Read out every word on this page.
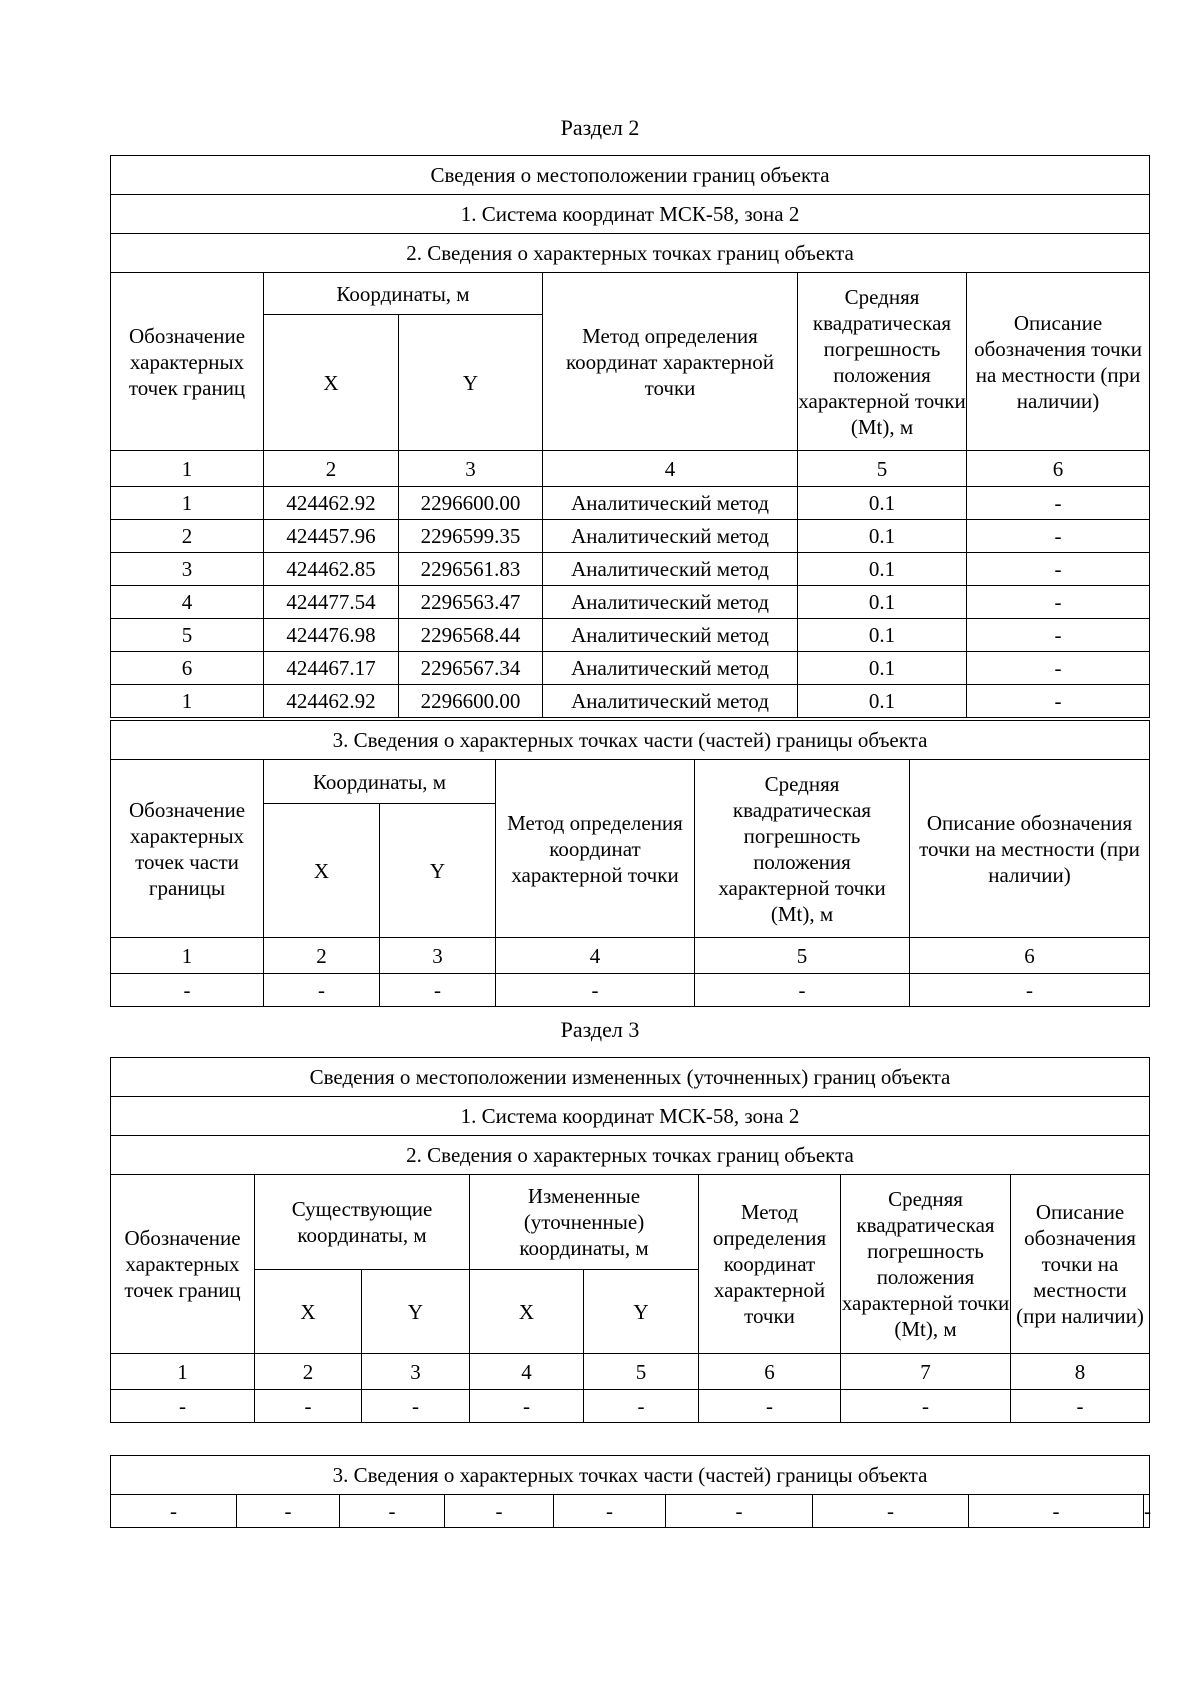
Раздел 2
Сведения о местоположении границ объекта					
1. Система координат МСК-58, зона 2					
2. Сведения о характерных точках границ объекта					
Обозначение характерных точек границ	Координаты, м		Метод определения координат характерной точки	Средняя квадратическая погрешность положения характерной точки (Mt), м	Описание обозначения точки на местности (при наличии)
	X	Y			
1	2	3	4	5	6
1	424462.92	2296600.00	Аналитический метод	0.1	-
2	424457.96	2296599.35	Аналитический метод	0.1	-
3	424462.85	2296561.83	Аналитический метод	0.1	-
4	424477.54	2296563.47	Аналитический метод	0.1	-
5	424476.98	2296568.44	Аналитический метод	0.1	-
6	424467.17	2296567.34	Аналитический метод	0.1	-
1	424462.92	2296600.00	Аналитический метод	0.1	-
3. Сведения о характерных точках части (частей) границы объекта					
Обозначение характерных точек части границы	Координаты, м		Метод определения координат характерной точки	Средняя квадратическая погрешность положения характерной точки (Mt), м	Описание обозначения точки на местности (при наличии)
	X	Y			
1	2	3	4	5	6
-	-	-	-	-	-
Раздел 3
Сведения о местоположении измененных (уточненных) границ объекта							
1. Система координат МСК-58, зона 2							
2. Сведения о характерных точках границ объекта							
Обозначение характерных точек границ	Существующие координаты, м		Измененные (уточненные) координаты, м		Метод определения координат характерной точки	Средняя квадратическая погрешность положения характерной точки (Mt), м	Описание обозначения точки на местности (при наличии)
	X	Y	X	Y			
1	2	3	4	5	6	7	8
-	-	-	-	-	-	-	-
3. Сведения о характерных точках части (частей) границы объекта
-	-	-	-	-	-	-	-	-
